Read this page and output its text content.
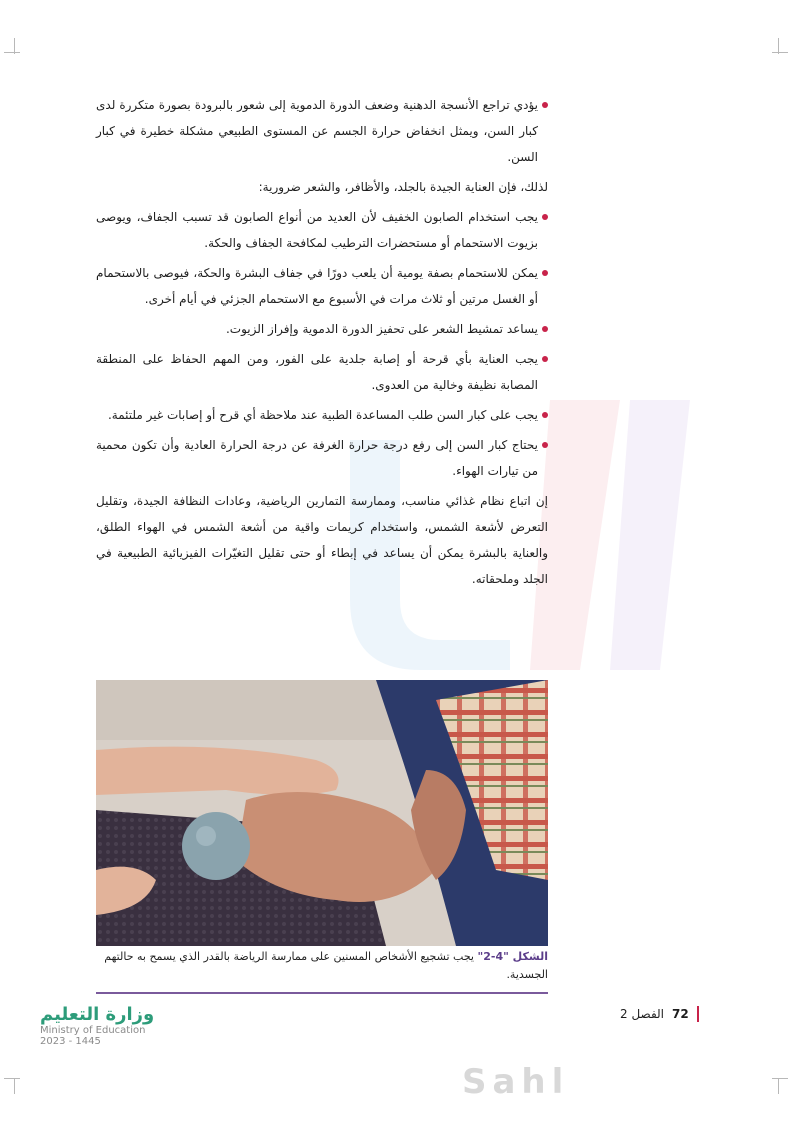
يؤدي تراجع الأنسجة الدهنية وضعف الدورة الدموية إلى شعور بالبرودة بصورة متكررة لدى كبار السن، ويمثل انخفاض حرارة الجسم عن المستوى الطبيعي مشكلة خطيرة في كبار السن.
لذلك، فإن العناية الجيدة بالجلد، والأظافر، والشعر ضرورية:
يجب استخدام الصابون الخفيف لأن العديد من أنواع الصابون قد تسبب الجفاف، ويوصى بزيوت الاستحمام أو مستحضرات الترطيب لمكافحة الجفاف والحكة.
يمكن للاستحمام بصفة يومية أن يلعب دورًا في جفاف البشرة والحكة، فيوصى بالاستحمام أو الغسل مرتين أو ثلاث مرات في الأسبوع مع الاستحمام الجزئي في أيام أخرى.
يساعد تمشيط الشعر على تحفيز الدورة الدموية وإفراز الزيوت.
يجب العناية بأي قرحة أو إصابة جلدية على الفور، ومن المهم الحفاظ على المنطقة المصابة نظيفة وخالية من العدوى.
يجب على كبار السن طلب المساعدة الطبية عند ملاحظة أي قرح أو إصابات غير ملتئمة.
يحتاج كبار السن إلى رفع درجة حرارة الغرفة عن درجة الحرارة العادية وأن تكون محمية من تيارات الهواء.
إن اتباع نظام غذائي مناسب، وممارسة التمارين الرياضية، وعادات النظافة الجيدة، وتقليل التعرض لأشعة الشمس، واستخدام كريمات واقية من أشعة الشمس في الهواء الطلق، والعناية بالبشرة يمكن أن يساعد في إبطاء أو حتى تقليل التغيّرات الفيزيائية الطبيعية في الجلد وملحقاته.
الشكل "4-2" يجب تشجيع الأشخاص المسنين على ممارسة الرياضة بالقدر الذي يسمح به حالتهم الجسدية.
وزارة التعليم
Ministry of Education
2023 - 1445
72
الفصل 2
Sahl
